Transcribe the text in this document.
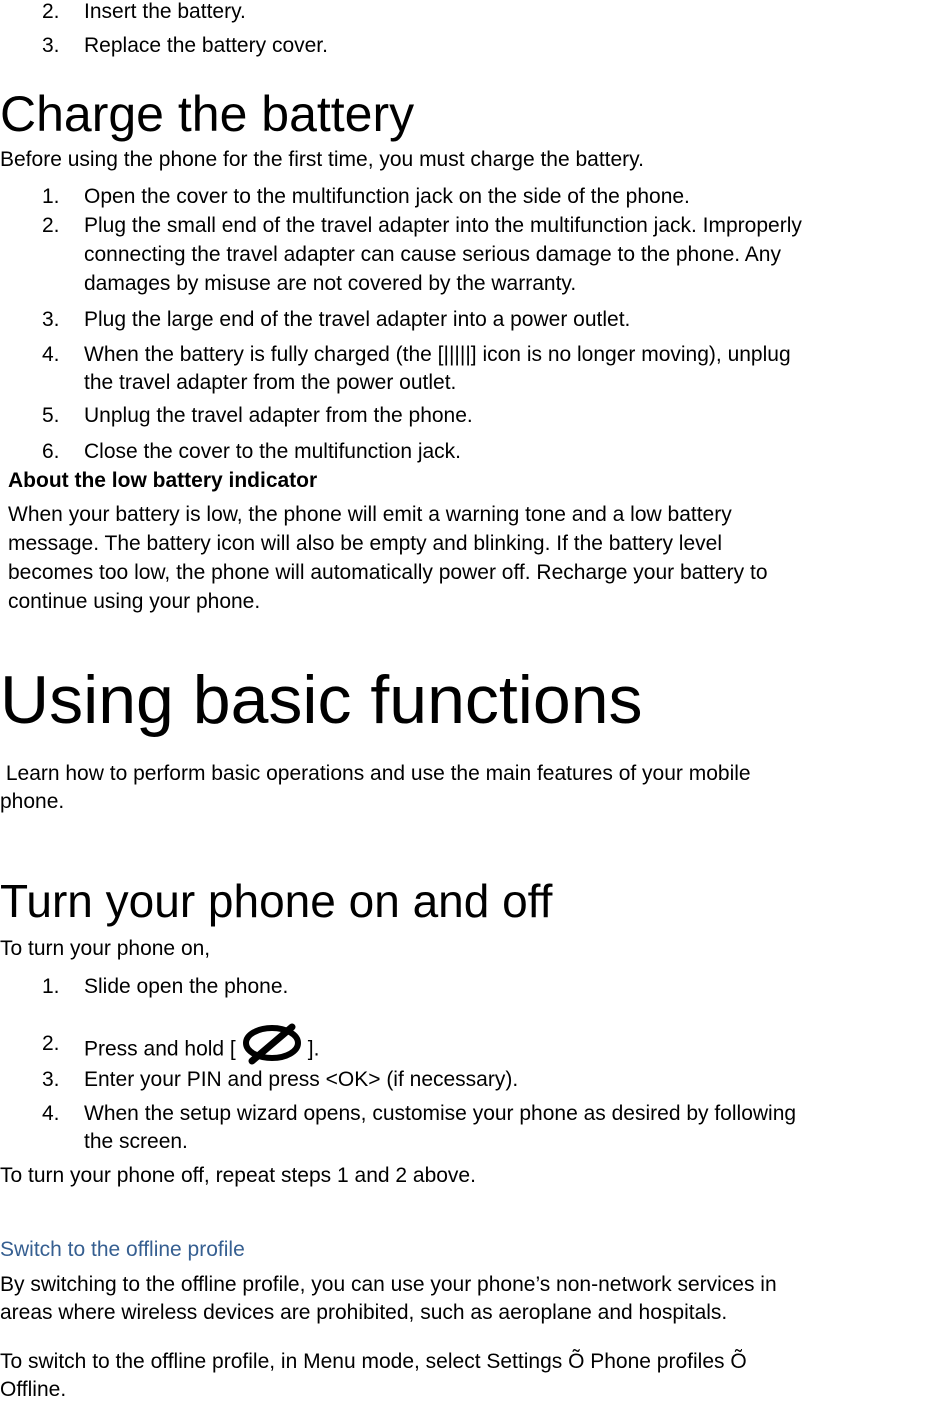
2. Insert the battery.
3. Replace the battery cover.
Charge the battery
Before using the phone for the first time, you must charge the battery.
1. Open the cover to the multifunction jack on the side of the phone.
2. Plug the small end of the travel adapter into the multifunction jack. Improperly
connecting the travel adapter can cause serious damage to the phone. Any
damages by misuse are not covered by the warranty.
3. Plug the large end of the travel adapter into a power outlet.
4. When the battery is fully charged (the [|||||] icon is no longer moving), unplug
the travel adapter from the power outlet.
5. Unplug the travel adapter from the phone.
6. Close the cover to the multifunction jack.
About the low battery indicator
When your battery is low, the phone will emit a warning tone and a low battery
message. The battery icon will also be empty and blinking. If the battery level
becomes too low, the phone will automatically power off. Recharge your battery to
continue using your phone.
Using basic functions
Learn how to perform basic operations and use the main features of your mobile
phone.
Turn your phone on and off
To turn your phone on,
1. Slide open the phone.
2. Press and hold [	].
3. Enter your PIN and press <OK> (if necessary).
4. When the setup wizard opens, customise your phone as desired by following
the screen.
To turn your phone off, repeat steps 1 and 2 above.
Switch to the offline profile
By switching to the offline profile, you can use your phone’s non-network services in
areas where wireless devices are prohibited, such as aeroplane and hospitals.
To switch to the offline profile, in Menu mode, select Settings Õ Phone profiles Õ
Offline.
